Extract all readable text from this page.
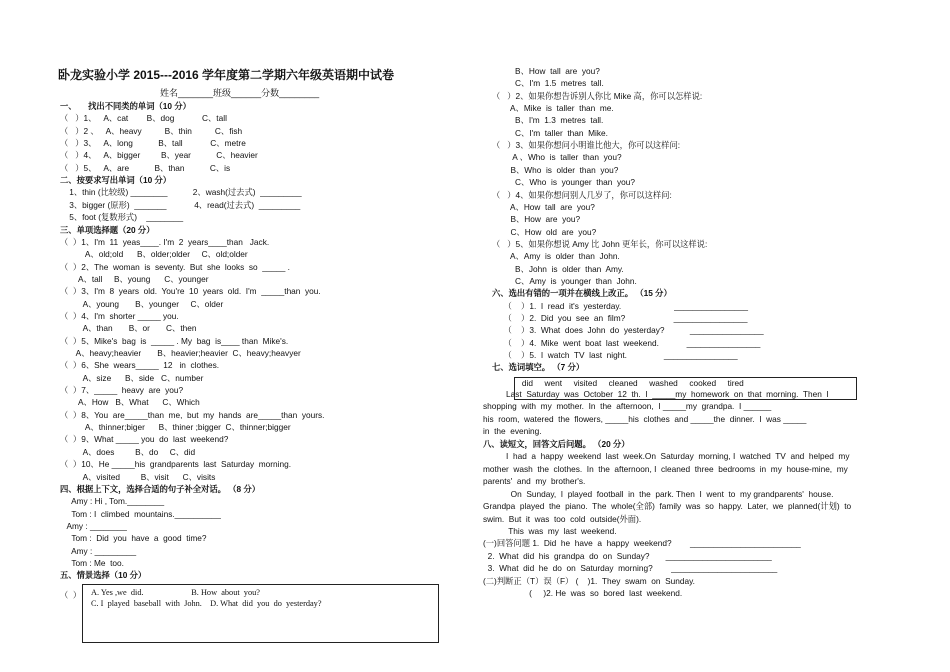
卧龙实验小学 2015---2016 学年度第二学期六年级英语期中试卷
姓名_______班级______分数________
一、     找出不同类的单词（10 分）
（   ）1、   A、cat        B、dog            C、tall
（   ）2 、   A、heavy          B、thin          C、fish
（   ）3、   A、long           B、tall            C、metre
（   ）4、   A、bigger         B、year           C、heavier
（   ）5、   A、are           B、than           C、is
二、按要求写出单词（10 分）
1、thin (比较级) ________           2、wash(过去式)  _________
3、bigger (原形)  _______            4、read(过去式)  _________
5、foot (复数形式)    ________
三、单项选择题（20 分）
（  ）1、I'm  11  yeas____. I'm  2  years____than   Jack.
A、old;old      B、older;older     C、old;older
（  ）2、The  woman  is  seventy.  But  she  looks  so  _____ .
A、tall     B、young      C、younger
（  ）3、I'm  8  years  old.  You're  10  years  old.  I'm  _____than  you.
A、young       B、younger     C、older
（  ）4、I'm  shorter _____ you.
A、than       B、or       C、then
（  ）5、Mike's  bag  is  _____ . My  bag  is____ than  Mike's.
A、heavy;heavier       B、heavier;heavier  C、heavy;heavyer
（  ）6、She  wears_____  12   in  clothes.
A、size      B、side   C、number
（  ）7、_____  heavy  are  you?
A、How   B、What      C、Which
（  ）8、You  are_____than  me,  but  my  hands  are_____than  yours.
A、thinner;biger      B、thiner ;bigger  C、thinner;bigger
（  ）9、What _____ you  do  last  weekend?
A、does         B、do     C、did
（  ）10、He _____his  grandparents  last  Saturday  morning.
A、visited         B、visit      C、visits
四、根据上下文，选择合适的句子补全对话。 （8 分）
Amy : Hi , Tom.________
Tom : I  climbed  mountains.__________
Amy : ________
Tom :  Did  you  have  a  good  time?
Amy : _________
Tom : Me  too.
五、情景选择（10 分）
B、How  tall  are  you?
C、I'm  1.5  metres  tall.
（   ）2、如果你想告诉别人你比 Mike 高，你可以怎样说:
A、Mike  is  taller  than  me.
B、I'm  1.3  metres  tall.
C、I'm  taller  than  Mike.
（   ）3、如果你想问小明谁比他大，你可以这样问:
A 、Who  is  taller  than  you?
B、Who  is  older  than  you?
C、Who  is  younger  than  you?
（   ）4、如果你想问别人几岁了，你可以这样问:
A、How  tall  are  you?
B、How  are  you?
C、How  old  are  you?
（   ）5、如果你想说 Amy 比 John 更年长，你可以这样说:
A、Amy  is  older  than  John.
B、John  is  older  than  Amy.
C、Amy  is  younger  than  John.
六、选出有错的一项并在横线上改正。 （15 分）
（    ）1.  I  read  it's  yesterday.                       ________________
（    ）2.  Did  you  see  an  film?                     ________________
（    ）3.  What  does  John  do  yesterday?           ________________
（    ）4.  Mike  went  boat  last  weekend.            ________________
（    ）5.  I  watch  TV  last  night.                ________________
七、选词填空。 （7 分）
Last  Saturday  was  October  12  th.  I  _____my  homework  on  that  morning.  Then  I
shopping  with  my  mother.  In  the  afternoon,  I _____my  grandpa.  I ______
his  room,  watered  the  flowers, _____his  clothes  and _____the  dinner.  I  was _____
in  the  evening.
八、读短文，回答文后问题。 （20 分）
I  had  a  happy  weekend  last  week.On  Saturday  morning, I  watched  TV  and  helped  my
mother  wash  the  clothes.  In  the  afternoon, I  cleaned  three  bedrooms  in  my  house-mine,  my
parents'  and  my  brother's.
On  Sunday,  I  played  football  in  the  park. Then  I  went  to  my grandparents'  house.
Grandpa  played  the  piano.  The  whole(全部)  family  was  so  happy.  Later,  we  planned(计划)  to
swim.  But  it  was  too  cold  outside(外面).
This  was  my  last  weekend.
(一)回答问题 1.  Did  he  have  a  happy  weekend?        ________________________
2.  What  did  his  grandpa  do  on  Sunday?       _______________________
3.  What  did  he  do  on  Saturday  morning?        _______________________
(二)判断正（T）误（F） (    )1.  They  swam  on  Sunday.
(     )2. He  was  so  bored  last  weekend.
（  ） A. Yes ,we  did.                       B. How  about  you?
C. I  played  baseball  with  John.    D. What  did  you  do  yesterday?
did     went     visited     cleaned     washed     cooked     tired
